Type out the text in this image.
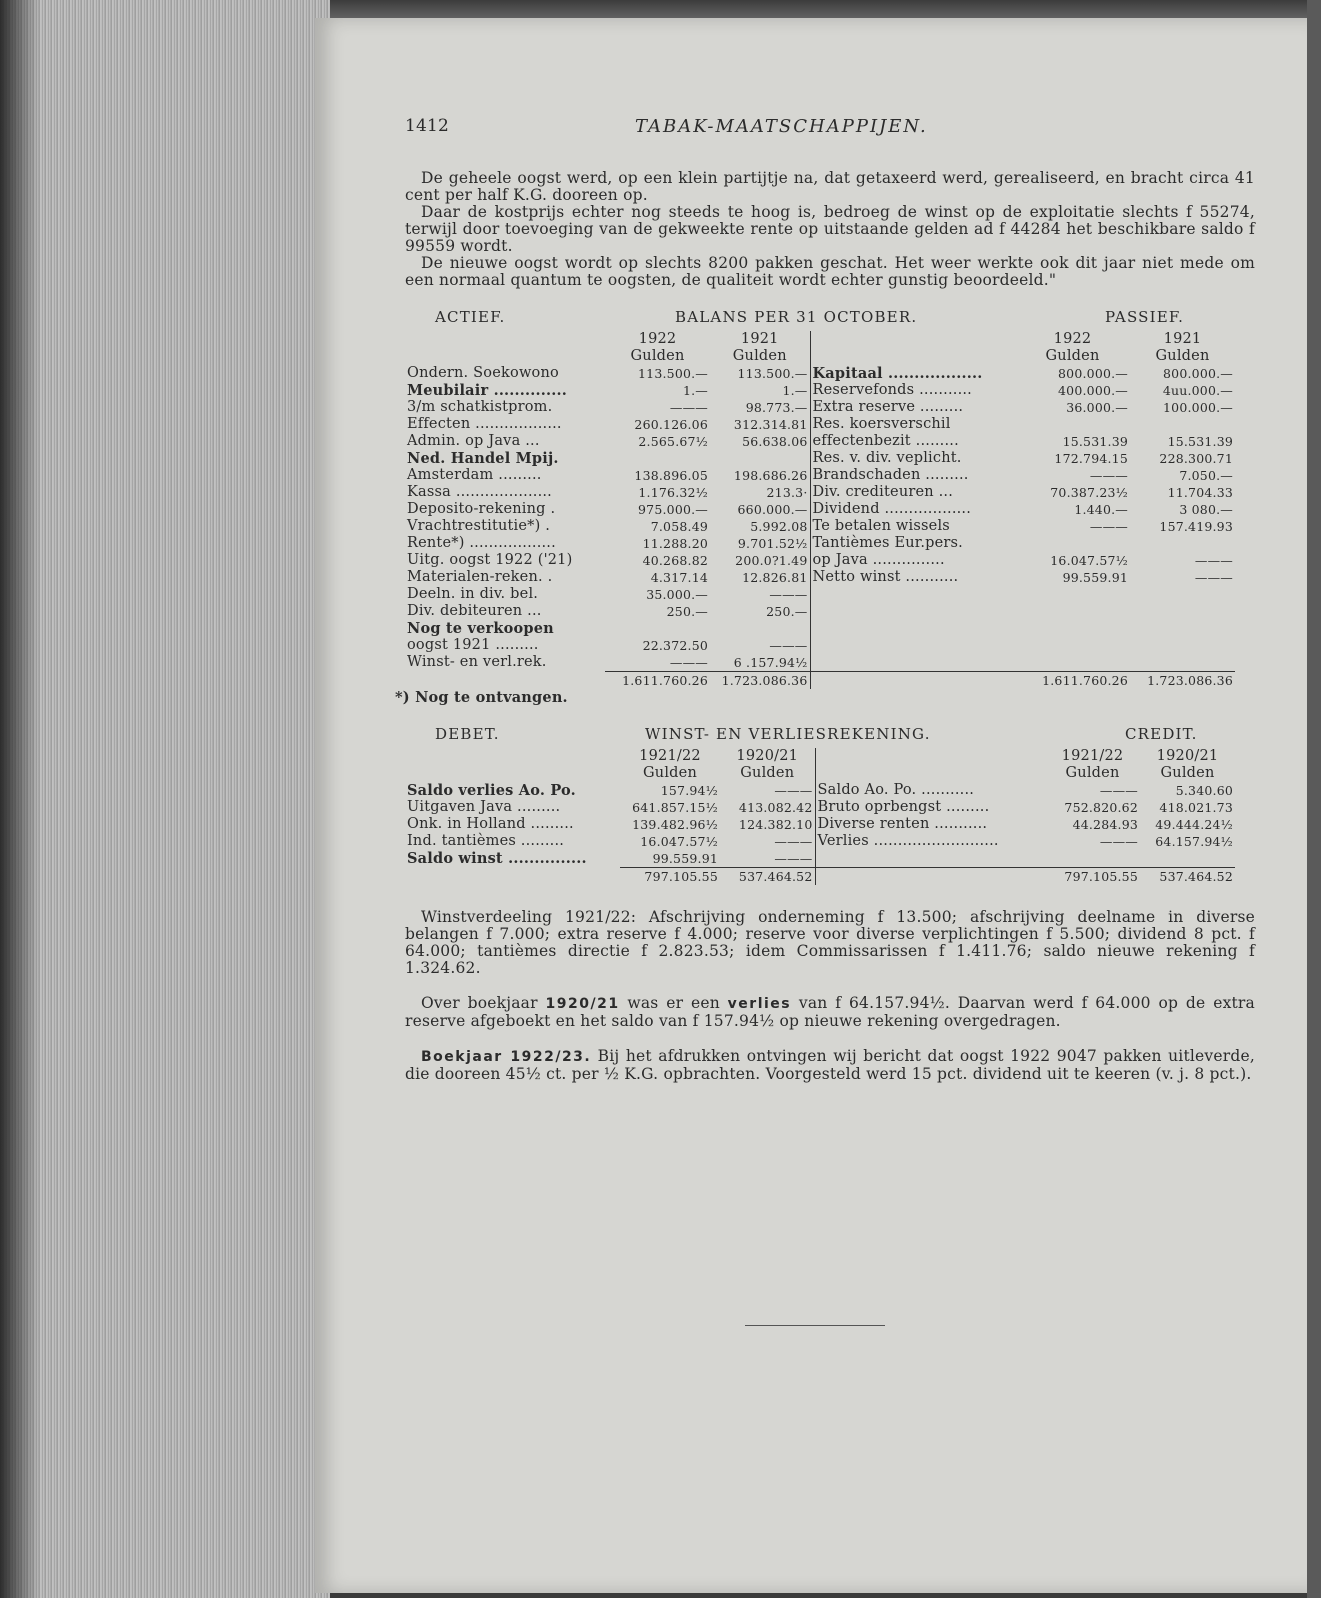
1412	TABAK-MAATSCHAPPIJEN.

De geheele oogst werd, op een klein partijtje na, dat getaxeerd werd, gerealiseerd, en bracht circa 41 cent per half K.G. dooreen op.

Daar de kostprijs echter nog steeds te hoog is, bedroeg de winst op de exploitatie slechts f 55274, terwijl door toevoeging van de gekweekte rente op uitstaande gelden ad f 44284 het beschikbare saldo f 99559 wordt.

De nieuwe oogst wordt op slechts 8200 pakken geschat. Het weer werkte ook dit jaar niet mede om een normaal quantum te oogsten, de qualiteit wordt echter gunstig beoordeeld."

ACTIEF.	BALANS PER 31 OCTOBER.	PASSIEF.
	1922	1921		1922	1921
	Gulden	Gulden		Gulden	Gulden
Ondern. Soekowono	113.500.—	113.500.—	Kapitaal ..................	800.000.—	800.000.—
Meubilair ..............	1.—	1.—	Reservefonds ...........	400.000.—	4uu.000.—
3/m schatkistprom.	———	98.773.—	Extra reserve .........	36.000.—	100.000.—
Effecten ..................	260.126.06	312.314.81	Res. koersverschil		
Admin. op Java ...	2.565.67½	56.638.06	effectenbezit .........	15.531.39	15.531.39
Ned. Handel Mpij.			Res. v. div. veplicht.	172.794.15	228.300.71
Amsterdam .........	138.896.05	198.686.26	Brandschaden .........	———	7.050.—
Kassa ....................	1.176.32½	213.3·	Div. crediteuren ...	70.387.23½	11.704.33
Deposito-rekening .	975.000.—	660.000.—	Dividend ..................	1.440.—	3 080.—
Vrachtrestitutie*) .	7.058.49	5.992.08	Te betalen wissels	———	157.419.93
Rente*) ..................	11.288.20	9.701.52½	Tantièmes Eur.pers.		
Uitg. oogst 1922 ('21)	40.268.82	200.0?1.49	op Java ...............	16.047.57½	———
Materialen-reken. .	4.317.14	12.826.81	Netto winst ...........	99.559.91	———
Deeln. in div. bel.	35.000.—	———			
Div. debiteuren ...	250.—	250.—			
Nog te verkoopen					
oogst 1921 .........	22.372.50	———			
Winst- en verl.rek.	———	6 .157.94½			
	1.611.760.26	1.723.086.36		1.611.760.26	1.723.086.36
*) Nog te ontvangen.
DEBET.	WINST- EN VERLIESREKENING.	CREDIT.
	1921/22	1920/21		1921/22	1920/21
	Gulden	Gulden		Gulden	Gulden
Saldo verlies Ao. Po.	157.94½	———	Saldo Ao. Po. ...........	———	5.340.60
Uitgaven Java .........	641.857.15½	413.082.42	Bruto oprbengst .........	752.820.62	418.021.73
Onk. in Holland .........	139.482.96½	124.382.10	Diverse renten ...........	44.284.93	49.444.24½
Ind. tantièmes .........	16.047.57½	———	Verlies ..........................	———	64.157.94½
Saldo winst ...............	99.559.91	———			
	797.105.55	537.464.52		797.105.55	537.464.52

Winstverdeeling 1921/22: Afschrijving onderneming f 13.500; afschrijving deelname in diverse belangen f 7.000; extra reserve f 4.000; reserve voor diverse verplichtingen f 5.500; dividend 8 pct. f 64.000; tantièmes directie f 2.823.53; idem Commissarissen f 1.411.76; saldo nieuwe rekening f 1.324.62.

Over boekjaar 1920/21 was er een verlies van f 64.157.94½. Daarvan werd f 64.000 op de extra reserve afgeboekt en het saldo van f 157.94½ op nieuwe rekening overgedragen.

Boekjaar 1922/23. Bij het afdrukken ontvingen wij bericht dat oogst 1922 9047 pakken uitleverde, die dooreen 45½ ct. per ½ K.G. opbrachten. Voorgesteld werd 15 pct. dividend uit te keeren (v. j. 8 pct.).
